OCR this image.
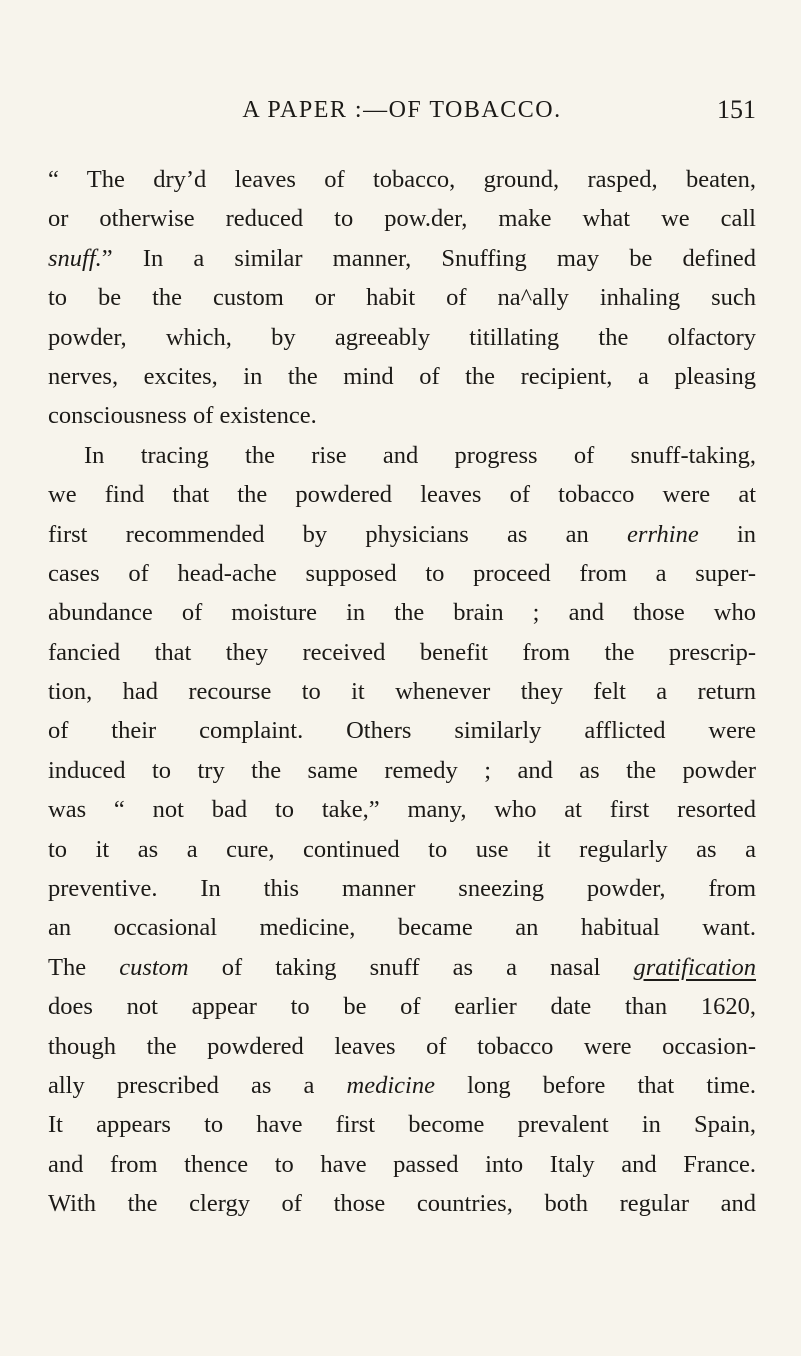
A PAPER :—OF TOBACCO.	151
“ The dry’d leaves of tobacco, ground, rasped, beaten,
or otherwise reduced to pow.der, make what we call
snuff.” In a similar manner, Snuffing may be defined
to be the custom or habit of na^ally inhaling such
powder, which, by agreeably titillating the olfactory
nerves, excites, in the mind of the recipient, a pleasing
consciousness of existence.
In tracing the rise and progress of snuff-taking,
we find that the powdered leaves of tobacco were at
first recommended by physicians as an errhine in
cases of head-ache supposed to proceed from a super-
abundance of moisture in the brain ; and those who
fancied that they received benefit from the prescrip-
tion, had recourse to it whenever they felt a return
of their complaint. Others similarly afflicted were
induced to try the same remedy ; and as the powder
was “ not bad to take,” many, who at first resorted
to it as a cure, continued to use it regularly as a
preventive. In this manner sneezing powder, from
an occasional medicine, became an habitual want.
The custom of taking snuff as a nasal gratification
does not appear to be of earlier date than 1620,
though the powdered leaves of tobacco were occasion-
ally prescribed as a medicine long before that time.
It appears to have first become prevalent in Spain,
and from thence to have passed into Italy and France.
With the clergy of those countries, both regular and
